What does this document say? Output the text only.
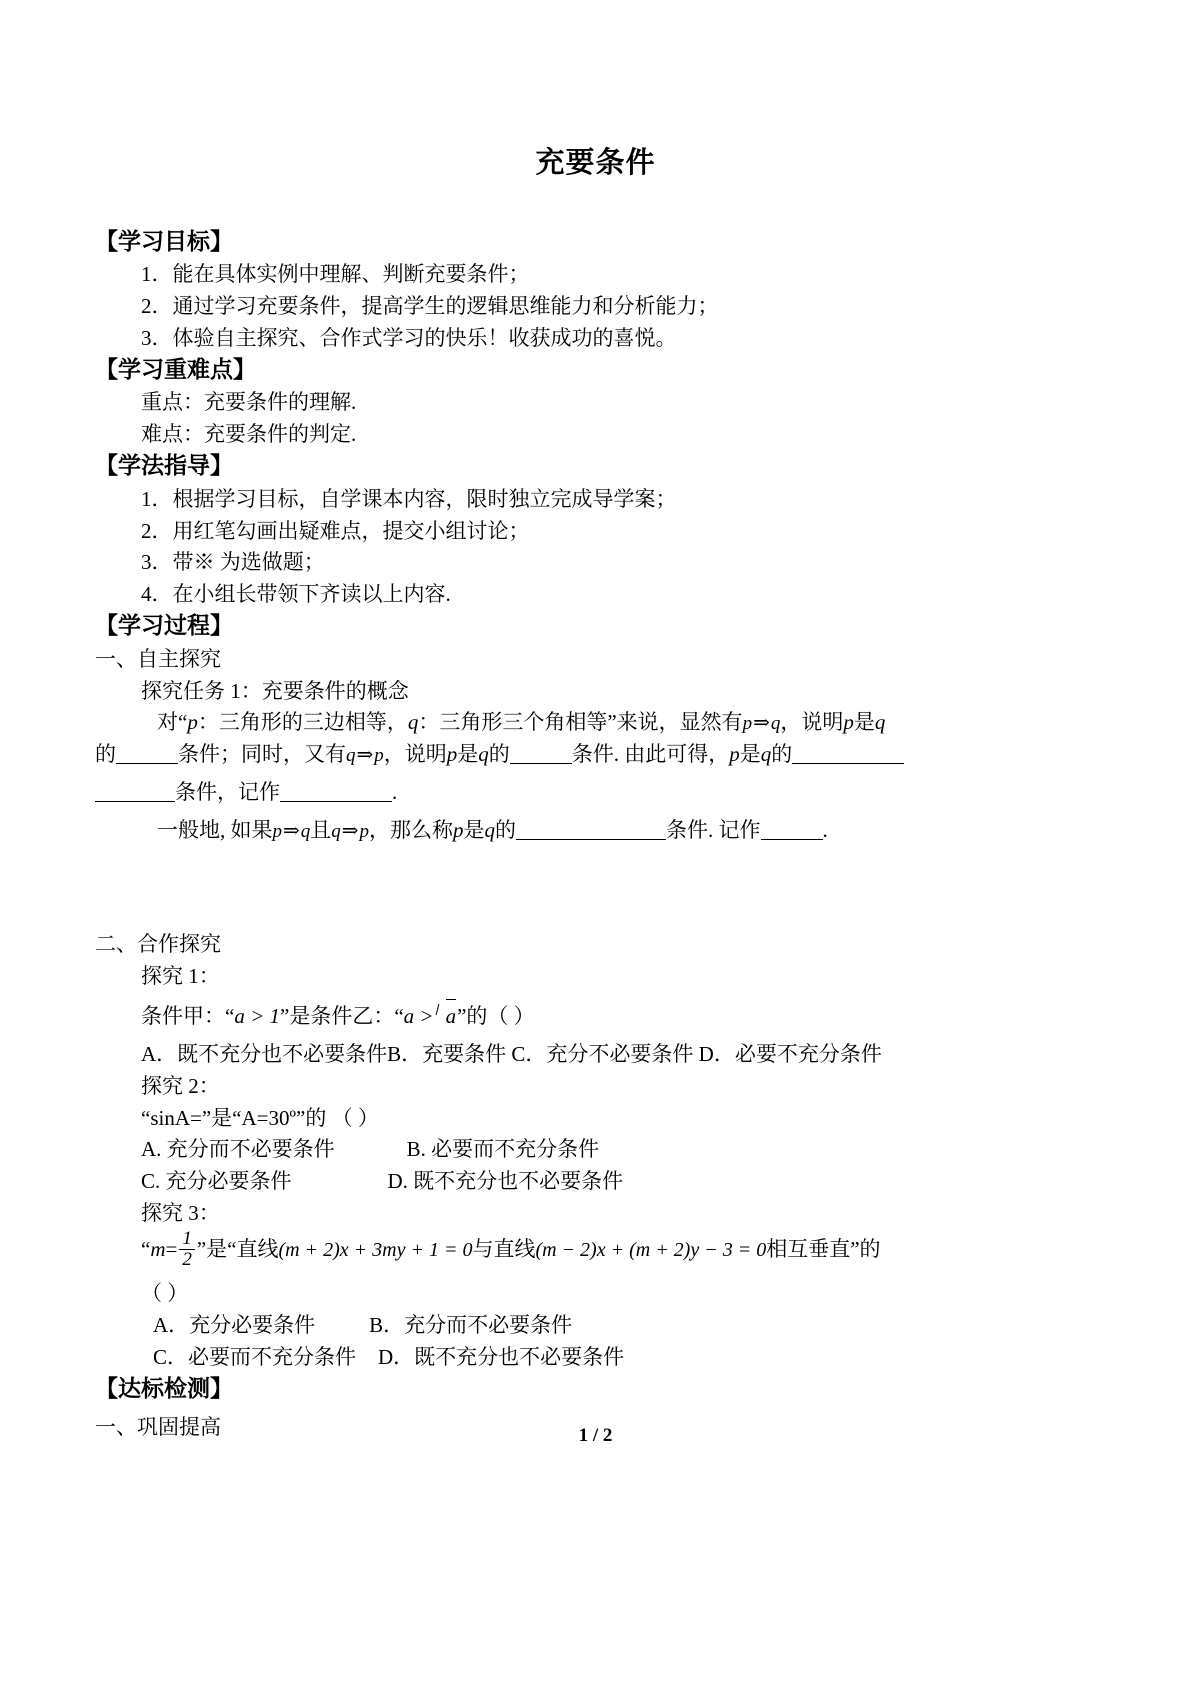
充要条件
【学习目标】
1．能在具体实例中理解、判断充要条件；
2．通过学习充要条件，提高学生的逻辑思维能力和分析能力；
3．体验自主探究、合作式学习的快乐！收获成功的喜悦。
【学习重难点】
重点：充要条件的理解.
难点：充要条件的判定.
【学法指导】
1．根据学习目标，自学课本内容，限时独立完成导学案；
2．用红笔勾画出疑难点，提交小组讨论；
3．带※ 为选做题；
4．在小组长带领下齐读以上内容.
【学习过程】
一、自主探究
探究任务 1：充要条件的概念
对“p：三角形的三边相等，q：三角形三个角相等”来说，显然有p⇒q，说明p是q
的	条件；同时，又有q⇒p，说明p是q的	条件. 由此可得，p是q的
条件，记作	.
一般地, 如果p⇒q且q⇒p，那么称p是q的	条件. 记作	.
二、合作探究
探究 1：
条件甲：“a > 1”是条件乙：“a > a”的（ ）
A．既不充分也不必要条件B．充要条件 C．充分不必要条件 D．必要不充分条件
探究 2：
“sinA=”是“A=30º”的 （ ）
A. 充分而不必要条件	B. 必要而不充分条件
C. 充分必要条件	D. 既不充分也不必要条件
探究 3：
“$m= \frac{1}{2}$ ”是“直线(m + 2)x + 3my + 1 = 0与直线(m − 2)x + (m + 2)y − 3 = 0相互垂直”的
（ ）
A．充分必要条件	B．充分而不必要条件
C．必要而不充分条件 D．既不充分也不必要条件
【达标检测】
一、巩固提高	1 / 2
